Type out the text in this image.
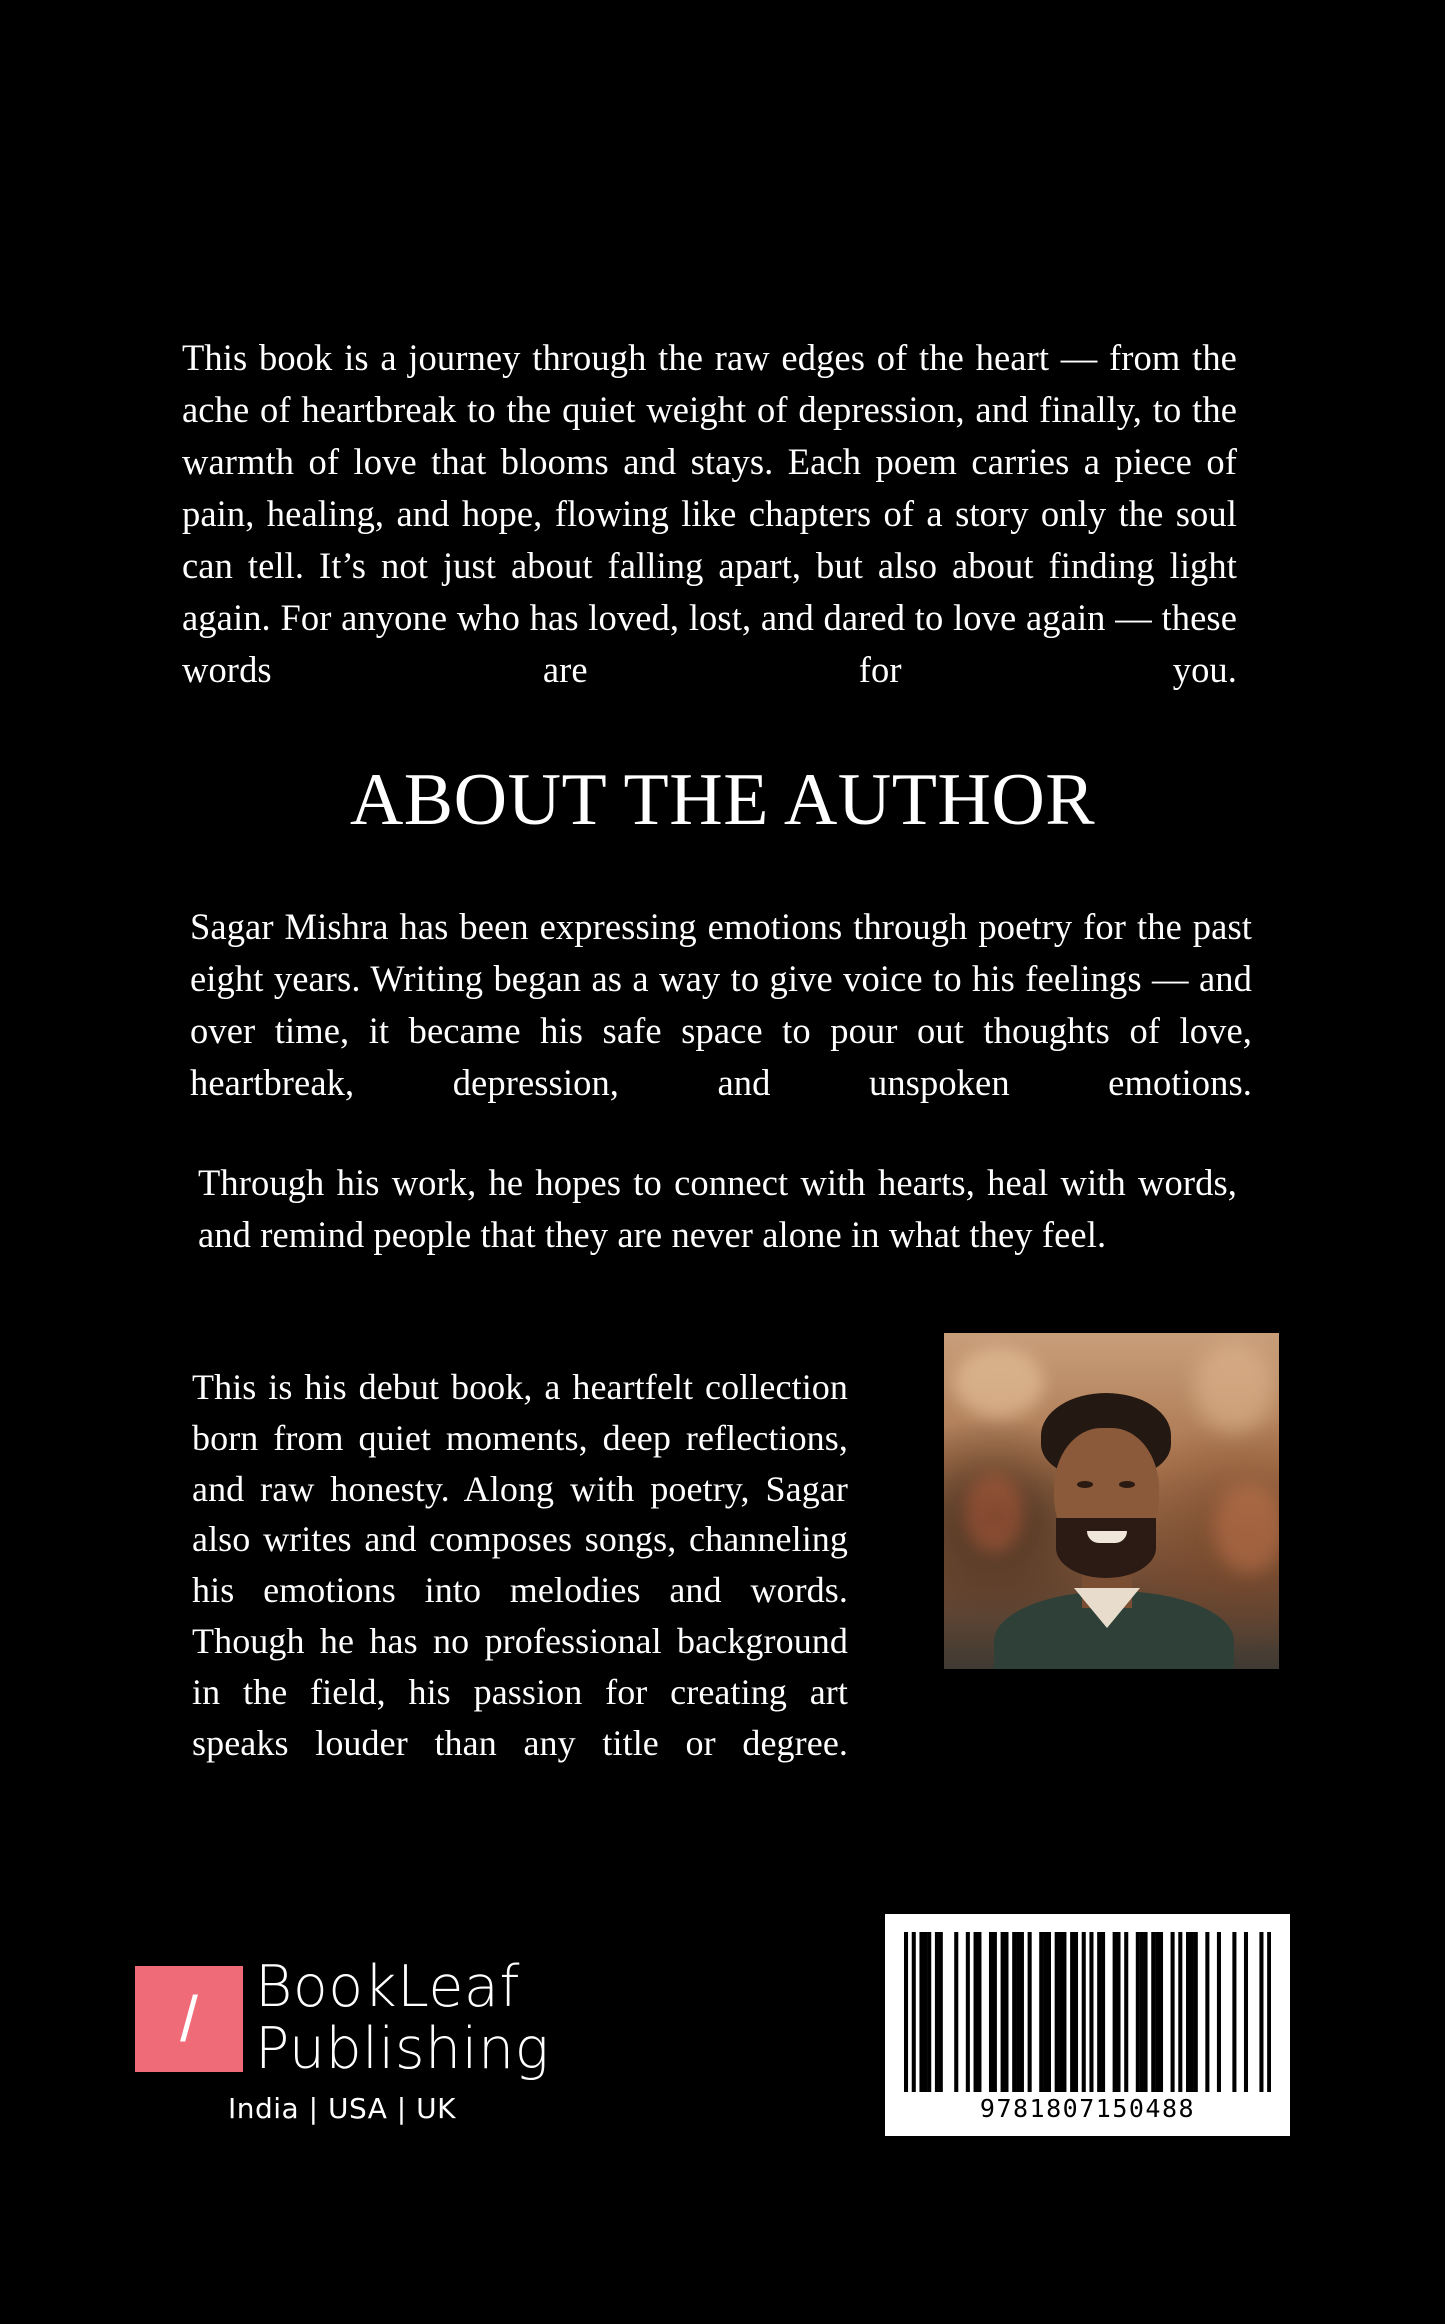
This book is a journey through the raw edges of the heart — from the ache of heartbreak to the quiet weight of depression, and finally, to the warmth of love that blooms and stays. Each poem carries a piece of pain, healing, and hope, flowing like chapters of a story only the soul can tell. It’s not just about falling apart, but also about finding light again. For anyone who has loved, lost, and dared to love again — these words are for you.

ABOUT THE AUTHOR

Sagar Mishra has been expressing emotions through poetry for the past eight years. Writing began as a way to give voice to his feelings — and over time, it became his safe space to pour out thoughts of love, heartbreak, depression, and unspoken emotions.

Through his work, he hopes to connect with hearts, heal with words, and remind people that they are never alone in what they feel.

This is his debut book, a heartfelt collection born from quiet moments, deep reflections, and raw honesty. Along with poetry, Sagar also writes and composes songs, channeling his emotions into melodies and words. Though he has no professional background in the field, his passion for creating art speaks louder than any title or degree.

/	BookLeaf
Publishing
India | USA | UK	9781807150488
